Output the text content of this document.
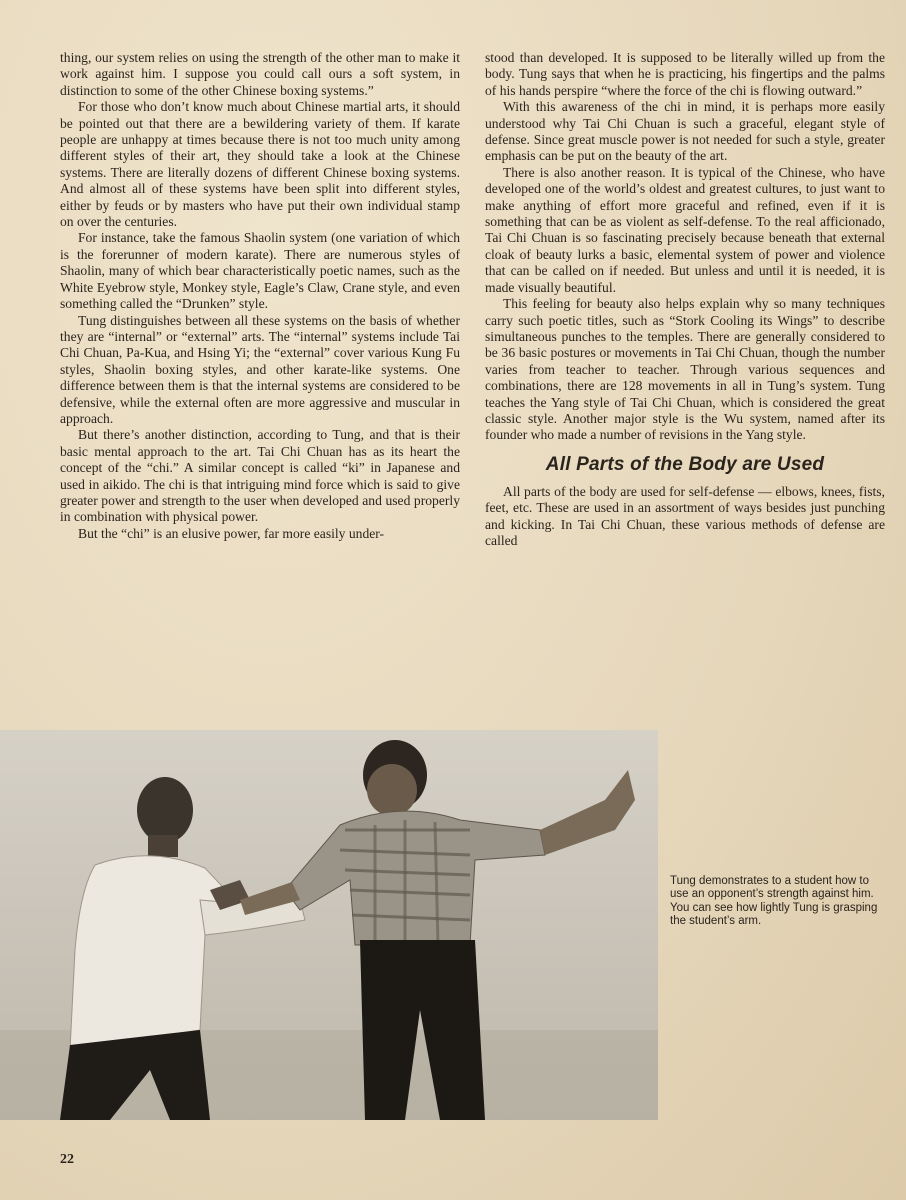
thing, our system relies on using the strength of the other man to make it work against him. I suppose you could call ours a soft system, in distinction to some of the other Chinese boxing systems.”

For those who don’t know much about Chinese martial arts, it should be pointed out that there are a bewildering variety of them. If karate people are unhappy at times because there is not too much unity among different styles of their art, they should take a look at the Chinese systems. There are literally dozens of different Chinese boxing systems. And almost all of these systems have been split into different styles, either by feuds or by masters who have put their own individual stamp on over the centuries.

For instance, take the famous Shaolin system (one variation of which is the forerunner of modern karate). There are numerous styles of Shaolin, many of which bear characteristically poetic names, such as the White Eyebrow style, Monkey style, Eagle’s Claw, Crane style, and even something called the “Drunken” style.

Tung distinguishes between all these systems on the basis of whether they are “internal” or “external” arts. The “internal” systems include Tai Chi Chuan, Pa-Kua, and Hsing Yi; the “external” cover various Kung Fu styles, Shaolin boxing styles, and other karate-like systems. One difference between them is that the internal systems are considered to be defensive, while the external often are more aggressive and muscular in approach.

But there’s another distinction, according to Tung, and that is their basic mental approach to the art. Tai Chi Chuan has as its heart the concept of the “chi.” A similar concept is called “ki” in Japanese and used in aikido. The chi is that intriguing mind force which is said to give greater power and strength to the user when developed and used properly in combination with physical power.

But the “chi” is an elusive power, far more easily under-

stood than developed. It is supposed to be literally willed up from the body. Tung says that when he is practicing, his fingertips and the palms of his hands perspire “where the force of the chi is flowing outward.”

With this awareness of the chi in mind, it is perhaps more easily understood why Tai Chi Chuan is such a graceful, elegant style of defense. Since great muscle power is not needed for such a style, greater emphasis can be put on the beauty of the art.

There is also another reason. It is typical of the Chinese, who have developed one of the world’s oldest and greatest cultures, to just want to make anything of effort more graceful and refined, even if it is something that can be as violent as self-defense. To the real afficionado, Tai Chi Chuan is so fascinating precisely because beneath that external cloak of beauty lurks a basic, elemental system of power and violence that can be called on if needed. But unless and until it is needed, it is made visually beautiful.

This feeling for beauty also helps explain why so many techniques carry such poetic titles, such as “Stork Cooling its Wings” to describe simultaneous punches to the temples. There are generally considered to be 36 basic postures or movements in Tai Chi Chuan, though the number varies from teacher to teacher. Through various sequences and combinations, there are 128 movements in all in Tung’s system. Tung teaches the Yang style of Tai Chi Chuan, which is considered the great classic style. Another major style is the Wu system, named after its founder who made a number of revisions in the Yang style.

All Parts of the Body are Used

All parts of the body are used for self-defense — elbows, knees, fists, feet, etc. These are used in an assortment of ways besides just punching and kicking. In Tai Chi Chuan, these various methods of defense are called

Tung demonstrates to a student how to use an opponent’s strength against him. You can see how lightly Tung is grasping the student’s arm.
22
